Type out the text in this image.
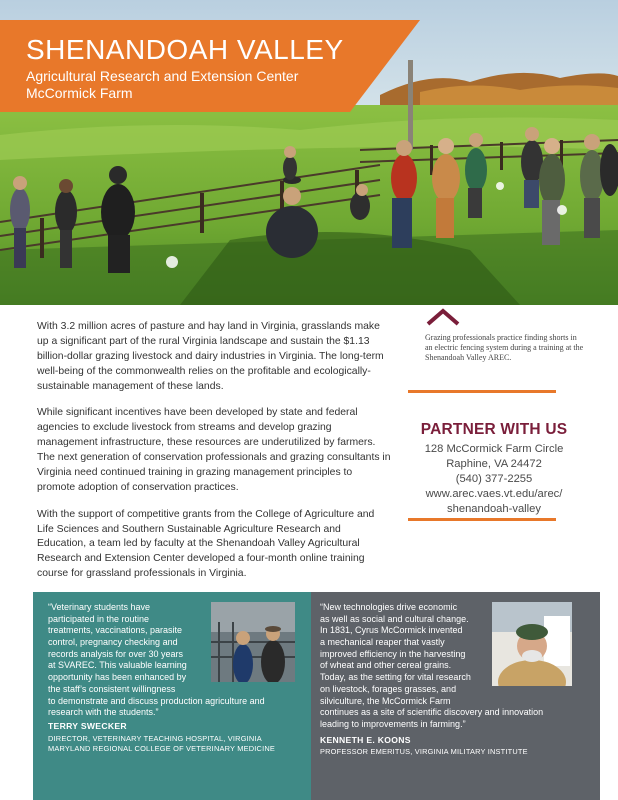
SHENANDOAH VALLEY
Agricultural Research and Extension Center
McCormick Farm
Grazing professionals practice finding shorts in an electric fencing system during a training at the Shenandoah Valley AREC.

With 3.2 million acres of pasture and hay land in Virginia, grasslands make up a significant part of the rural Virginia landscape and sustain the $1.13 billion-dollar grazing livestock and dairy industries in Virginia. The long-term well-being of the commonwealth relies on the profitable and ecologically-sustainable management of these lands.

While significant incentives have been developed by state and federal agencies to exclude livestock from streams and develop grazing management infrastructure, these resources are underutilized by farmers. The next generation of conservation professionals and grazing consultants in Virginia need continued training in grazing management principles to promote adoption of conservation practices.

With the support of competitive grants from the College of Agriculture and Life Sciences and Southern Sustainable Agriculture Research and Education, a team led by faculty at the Shenandoah Valley Agricultural Research and Extension Center developed a four-month online training course for grassland professionals in Virginia.

PARTNER WITH US
128 McCormick Farm Circle
Raphine, VA 24472
(540) 377-2255
www.arec.vaes.vt.edu/arec/
shenandoah-valley
“Veterinary students have
participated in the routine
treatments, vaccinations, parasite
control, pregnancy checking and
records analysis for over 30 years
at SVAREC. This valuable learning
opportunity has been enhanced by
the staff’s consistent willingness
to demonstrate and discuss production agriculture and
research with the students.”
TERRY SWECKER
DIRECTOR, VETERINARY TEACHING HOSPITAL, VIRGINIA
MARYLAND REGIONAL COLLEGE OF VETERINARY MEDICINE
“New technologies drive economic
as well as social and cultural change.
In 1831, Cyrus McCormick invented
a mechanical reaper that vastly
improved efficiency in the harvesting
of wheat and other cereal grains.
Today, as the setting for vital research
on livestock, forages grasses, and
silviculture, the McCormick Farm
continues as a site of scientific discovery and innovation
leading to improvements in farming.”
KENNETH E. KOONS
PROFESSOR EMERITUS, VIRGINIA MILITARY INSTITUTE
